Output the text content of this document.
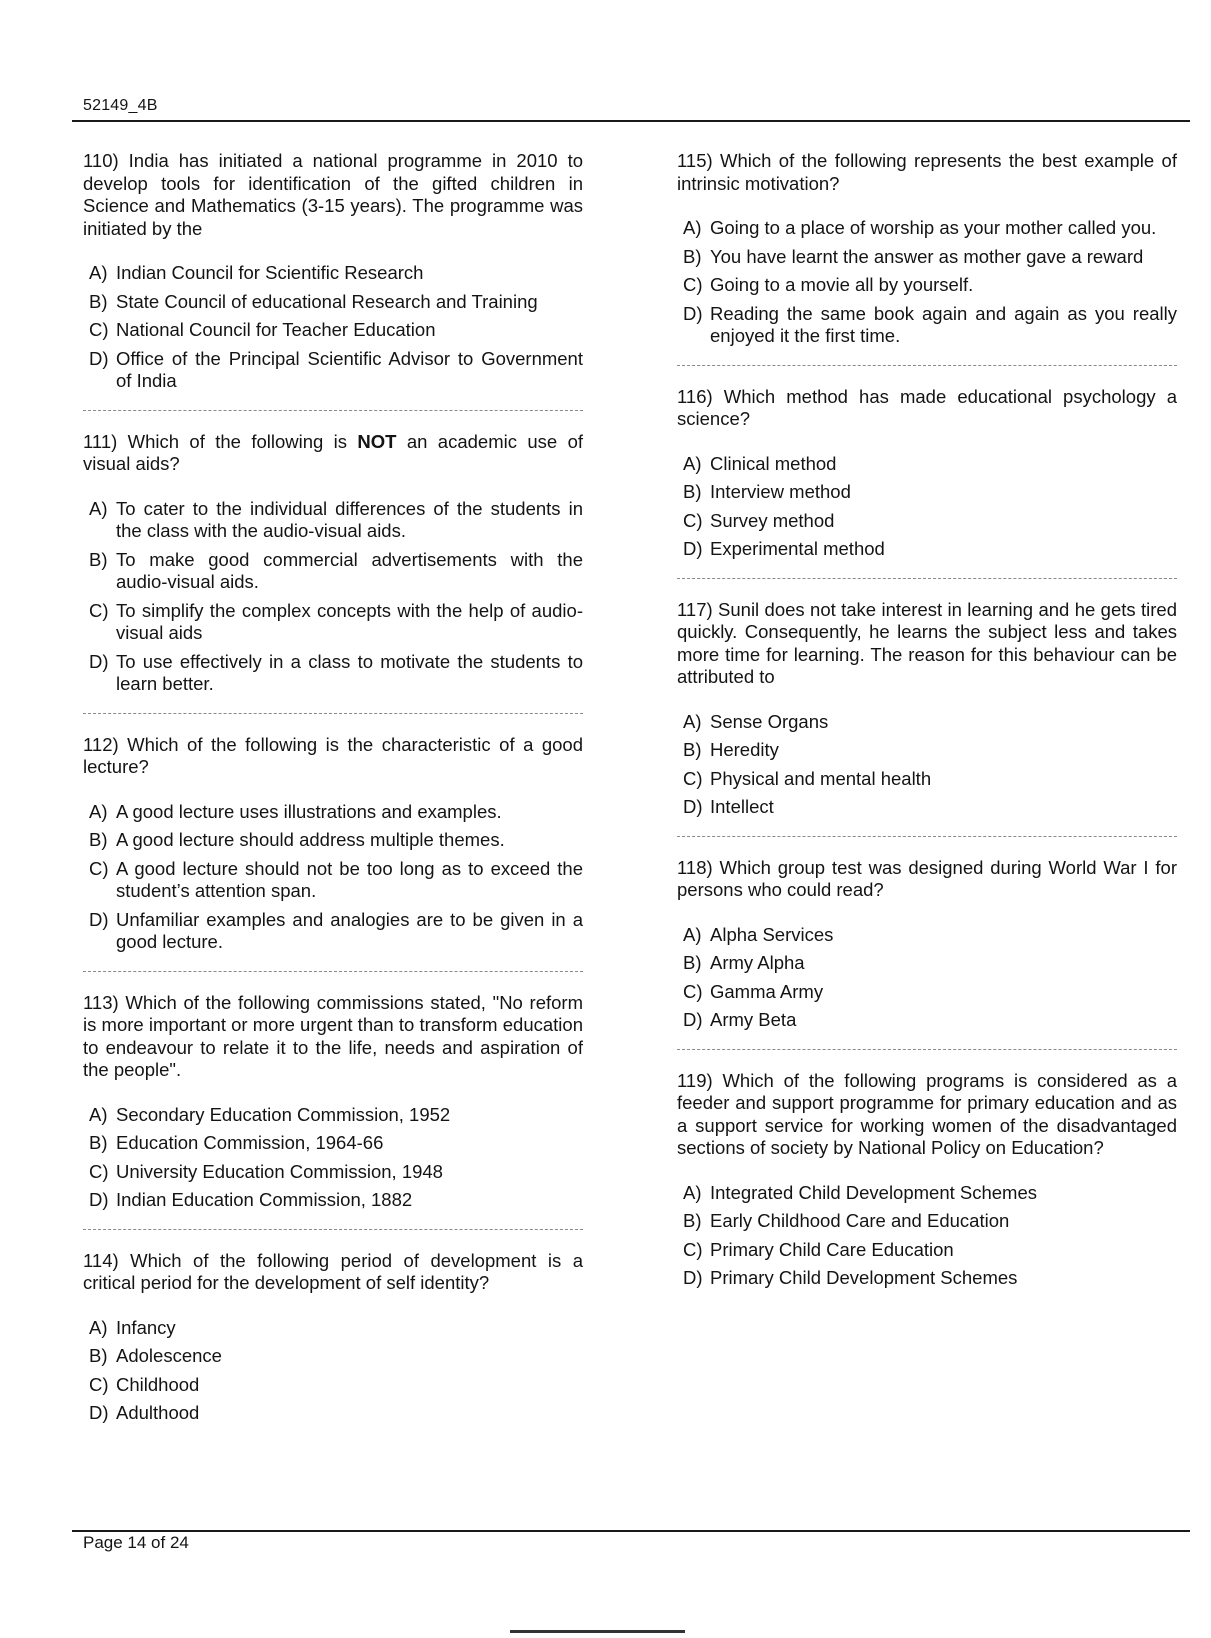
52149_4B

110) India has initiated a national programme in 2010 to develop tools for identification of the gifted children in Science and Mathematics (3-15 years). The programme was initiated by the

A) Indian Council for Scientific Research
B) State Council of educational Research and Training
C) National Council for Teacher Education
D) Office of the Principal Scientific Advisor to Government of India

111) Which of the following is NOT an academic use of visual aids?

A) To cater to the individual differences of the students in the class with the audio-visual aids.
B) To make good commercial advertisements with the audio-visual aids.
C) To simplify the complex concepts with the help of audio-visual aids
D) To use effectively in a class to motivate the students to learn better.

112) Which of the following is the characteristic of a good lecture?

A) A good lecture uses illustrations and examples.
B) A good lecture should address multiple themes.
C) A good lecture should not be too long as to exceed the student’s attention span.
D) Unfamiliar examples and analogies are to be given in a good lecture.

113) Which of the following commissions stated, "No reform is more important or more urgent than to transform education to endeavour to relate it to the life, needs and aspiration of the people".

A) Secondary Education Commission, 1952
B) Education Commission, 1964-66
C) University Education Commission, 1948
D) Indian Education Commission, 1882

114) Which of the following period of development is a critical period for the development of self identity?

A) Infancy
B) Adolescence
C) Childhood
D) Adulthood

115) Which of the following represents the best example of intrinsic motivation?

A) Going to a place of worship as your mother called you.
B) You have learnt the answer as mother gave a reward
C) Going to a movie all by yourself.
D) Reading the same book again and again as you really enjoyed it the first time.

116) Which method has made educational psychology a science?

A) Clinical method
B) Interview method
C) Survey method
D) Experimental method

117) Sunil does not take interest in learning and he gets tired quickly. Consequently, he learns the subject less and takes more time for learning. The reason for this behaviour can be attributed to

A) Sense Organs
B) Heredity
C) Physical and mental health
D) Intellect

118) Which group test was designed during World War I for persons who could read?

A) Alpha Services
B) Army Alpha
C) Gamma Army
D) Army Beta

119) Which of the following programs is considered as a feeder and support programme for primary education and as a support service for working women of the disadvantaged sections of society by National Policy on Education?

A) Integrated Child Development Schemes
B) Early Childhood Care and Education
C) Primary Child Care Education
D) Primary Child Development Schemes
Page 14 of 24
